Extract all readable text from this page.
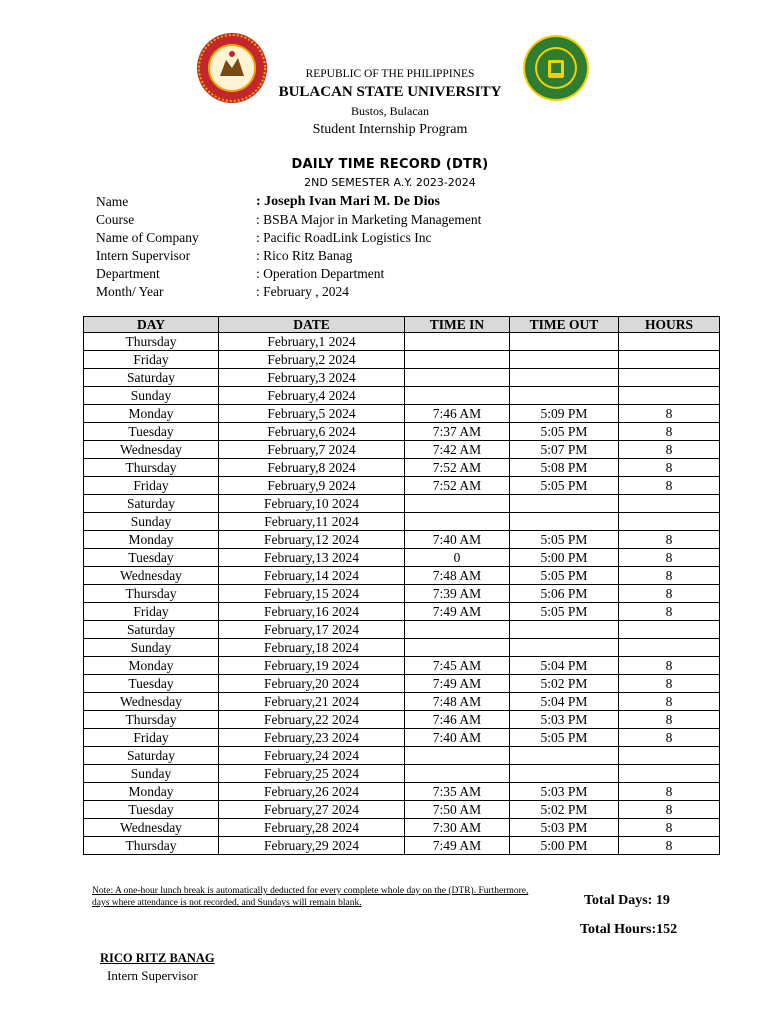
REPUBLIC OF THE PHILIPPINES
BULACAN STATE UNIVERSITY
Bustos, Bulacan
Student Internship Program
DAILY TIME RECORD (DTR)
2ND SEMESTER A.Y. 2023-2024
Name	: Joseph Ivan Mari M. De Dios
Course	: BSBA Major in Marketing Management
Name of Company	: Pacific RoadLink Logistics Inc
Intern Supervisor	: Rico Ritz Banag
Department	: Operation Department
Month/ Year	: February , 2024
DAY	DATE	TIME IN	TIME OUT	HOURS
Thursday	February,1 2024			
Friday	February,2 2024			
Saturday	February,3 2024			
Sunday	February,4 2024			
Monday	February,5 2024	7:46 AM	5:09 PM	8
Tuesday	February,6 2024	7:37 AM	5:05 PM	8
Wednesday	February,7 2024	7:42 AM	5:07 PM	8
Thursday	February,8 2024	7:52 AM	5:08 PM	8
Friday	February,9 2024	7:52 AM	5:05 PM	8
Saturday	February,10 2024			
Sunday	February,11 2024			
Monday	February,12 2024	7:40 AM	5:05 PM	8
Tuesday	February,13 2024	0	5:00 PM	8
Wednesday	February,14 2024	7:48 AM	5:05 PM	8
Thursday	February,15 2024	7:39 AM	5:06 PM	8
Friday	February,16 2024	7:49 AM	5:05 PM	8
Saturday	February,17 2024			
Sunday	February,18 2024			
Monday	February,19 2024	7:45 AM	5:04 PM	8
Tuesday	February,20 2024	7:49 AM	5:02 PM	8
Wednesday	February,21 2024	7:48 AM	5:04 PM	8
Thursday	February,22 2024	7:46 AM	5:03 PM	8
Friday	February,23 2024	7:40 AM	5:05 PM	8
Saturday	February,24 2024			
Sunday	February,25 2024			
Monday	February,26 2024	7:35 AM	5:03 PM	8
Tuesday	February,27 2024	7:50 AM	5:02 PM	8
Wednesday	February,28 2024	7:30 AM	5:03 PM	8
Thursday	February,29 2024	7:49 AM	5:00 PM	8
Note: A one-hour lunch break is automatically deducted for every complete whole day on the (DTR). Furthermore, days where attendance is not recorded, and Sundays will remain blank.	Total Days: 19
Total Hours:152
RICO RITZ BANAG
Intern Supervisor
